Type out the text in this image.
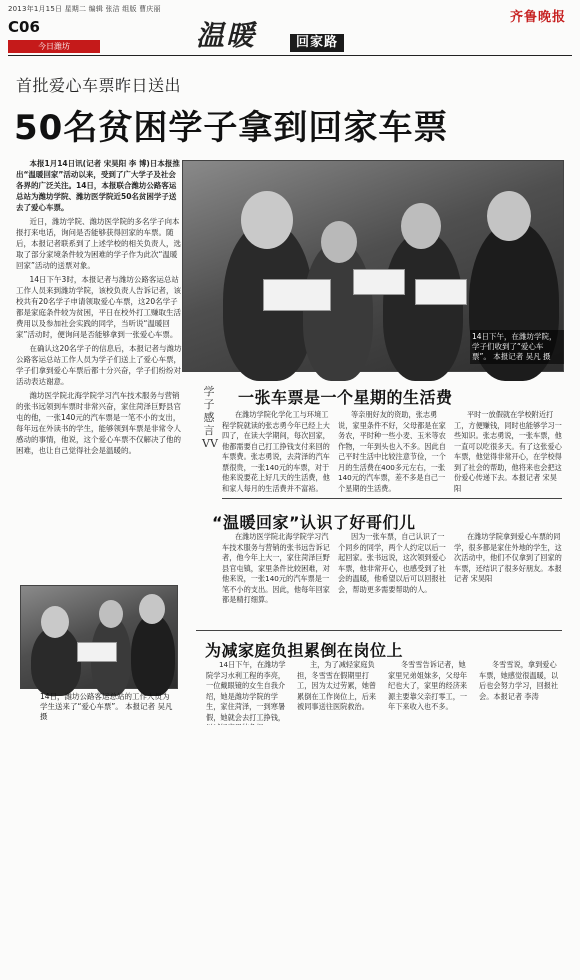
2013年1月15日 星期二 编辑 张洁 组版 曹庆丽
齐鲁晚报
C06
今日潍坊	温暖	回家路
首批爱心车票昨日送出
50名贫困学子拿到回家车票

本报1月14日讯(记者 宋昊阳 李 博)日本报推出“温暖回家”活动以来，受到了广大学子及社会各界的广泛关注。14日，本报联合潍坊公路客运总站为潍坊学院、潍坊医学院近50名贫困学子送去了爱心车票。

近日，潍坊学院、潍坊医学院的多名学子向本报打来电话，询问是否能够获得回家的车票。随后，本报记者联系到了上述学校的相关负责人，选取了部分家境条件较为困难的学子作为此次“温暖回家”活动的送票对象。

14日下午3时，本报记者与潍坊公路客运总站工作人员来到潍坊学院，该校负责人告诉记者，该校共有20名学子申请领取爱心车票，这20名学子都是家庭条件较为贫困，平日在校外打工赚取生活费用以及参加社会实践的同学，当听说“温暖回家”活动时，便询问是否能够拿到一张爱心车票。

在确认这20名学子的信息后，本报记者与潍坊公路客运总站工作人员为学子们送上了爱心车票，学子们拿到爱心车票后都十分兴奋，学子们纷纷对活动表达谢意。

潍坊医学院北海学院学习汽车技术服务与营销的张书远领到车票时非常兴奋，家住菏泽巨野县官屯的他，一张140元的汽车票是一笔不小的支出，每年远在外读书的学生，能够领到车票是非常令人感动的事情，他说，这个爱心车票不仅解决了他的困难，也让自己觉得社会是温暖的。

14日下午，在潍坊学院，学子们收到了“爱心车票”。 本报记者 吴凡 摄
学子感言VV
一张车票是一个星期的生活费

在潍坊学院化学化工与环境工程学院就读的张志勇今年已经上大四了，在读大学期间，每次回家，他都需要自己打工挣钱支付来回的车票费。张志勇说，去菏泽的汽车票很贵，一张140元的车票，对于他来说要花上好几天的生活费，他和家人每月的生活费并不富裕。

等亲朋好友的资助，张志勇说，家里条件不好，父母都是在家务农，平时种一些小麦、玉米等农作物，一年到头也入不多。因此自己平时生活中比较注意节俭，一个月的生活费在400多元左右，一张140元的汽车票，差不多是自己一个星期的生活费。

平时一放假就在学校附近打工，方便赚钱，同时也能够学习一些知识。张志勇说，一张车票，他一直可以吃很多天。有了这张爱心车票，他觉得非常开心，在学校得到了社会的帮助，他将来也会把这份爱心传递下去。本报记者 宋昊阳

“温暖回家”认识了好哥们儿

在潍坊医学院北海学院学习汽车技术服务与营销的张书远告诉记者，他今年上大一，家住菏泽巨野县官屯镇，家里条件比较困难，对他来说，一张140元的汽车票是一笔不小的支出。因此，他每年回家都是精打细算。

因为一张车票，自己认识了一个同乡的同学，两个人约定以后一起回家。张书远说，这次领到爱心车票，他非常开心，也感受到了社会的温暖，他希望以后可以回报社会，帮助更多需要帮助的人。

在潍坊学院拿到爱心车票的同学，很多都是家住外地的学生，这次活动中，他们不仅拿到了回家的车票，还结识了很多好朋友。本报记者 宋昊阳

14日，潍坊公路客运总站的工作人员为学生送来了“爱心车票”。 本报记者 吴凡 摄
为减家庭负担累倒在岗位上

14日下午，在潍坊学院学习水利工程的李亮，一位戴眼镜的女生自我介绍，她是潍坊学院的学生，家住菏泽，一到寒暑假，她就会去打工挣钱，

主，为了减轻家庭负担，冬雪雪在假期里打工，因为太过劳累，她曾累倒在工作岗位上，后来被同事送往医院救治。

冬雪雪告诉记者，她家里兄弟姐妹多，父母年纪也大了，家里的经济来源主要靠父亲打零工，一年下来收入也不多。

冬雪雪说，拿到爱心车票，她感觉很温暖，以后也会努力学习，回报社会。本报记者 李涛
